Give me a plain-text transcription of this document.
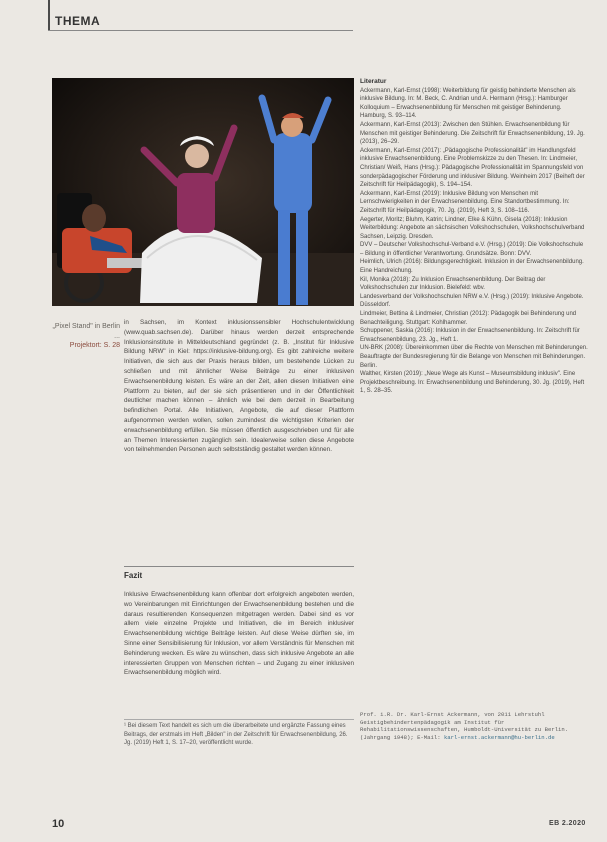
THEMA
„Pixel Stand" in Berlin ...
Projektort: S. 28
in Sachsen, im Kontext inklusionssensibler Hochschulentwicklung (www.quab.sachsen.de). Darüber hinaus werden derzeit entsprechende Inklusionsinstitute in Mitteldeutschland gegründet (z. B. „Institut für Inklusive Bildung NRW" in Kiel: https://inklusive-bildung.org). Es gibt zahlreiche weitere Initiativen, die sich aus der Praxis heraus bilden, um bestehende Lücken zu schließen und mit ähnlicher Weise Beiträge zu einer inklusiven Erwachsenenbildung leisten. Es wäre an der Zeit, allen diesen Initiativen eine Plattform zu bieten, auf der sie sich präsentieren und in der Öffentlichkeit deutlicher machen können – ähnlich wie bei dem derzeit in Bearbeitung befindlichen Portal. Alle Initiativen, Angebote, die auf dieser Plattform aufgenommen werden wollen, sollen zumindest die wichtigsten Kriterien der erwachsenenbildung erfüllen. Sie müssen öffentlich ausgeschrieben und für alle an Themen Interessierten zugänglich sein. Idealerweise sollen diese Angebote von teilnehmenden Personen auch selbstständig gestaltet werden können.
Fazit
Inklusive Erwachsenenbildung kann offenbar dort erfolgreich angeboten werden, wo Vereinbarungen mit Einrichtungen der Erwachsenenbildung bestehen und die daraus resultierenden Konsequenzen mitgetragen werden. Dabei sind es vor allem viele einzelne Projekte und Initiativen, die im Bereich inklusiver Erwachsenenbildung wichtige Beiträge leisten. Auf diese Weise dürften sie, im Sinne einer Sensibilisierung für Inklusion, vor allem Verständnis für Menschen mit Behinderung wecken. Es wäre zu wünschen, dass sich inklusive Angebote an alle interessierten Gruppen von Menschen richten – und Zugang zu einer inklusiven Erwachsenenbildung möglich wird.
¹ Bei diesem Text handelt es sich um die überarbeitete und ergänzte Fassung eines Beitrags, der erstmals im Heft „Bilden" in der Zeitschrift für Erwachsenenbildung, 26. Jg. (2019) Heft 1, S. 17–20, veröffentlicht wurde.
Literatur

Ackermann, Karl-Ernst (1998): Weiterbildung für geistig behinderte Menschen als inklusive Bildung. In: M. Beck, C. Andrian und A. Hermann (Hrsg.): Hamburger Kolloquium – Erwachsenenbildung für Menschen mit geistiger Behinderung. Hamburg, S. 93–114.

Ackermann, Karl-Ernst (2013): Zwischen den Stühlen. Erwachsenenbildung für Menschen mit geistiger Behinderung. Die Zeitschrift für Erwachsenenbildung, 19. Jg. (2013), 26–29.

Ackermann, Karl-Ernst (2017): „Pädagogische Professionalität" im Handlungsfeld inklusive Erwachsenenbildung. Eine Problemskizze zu den Thesen. In: Lindmeier, Christian/ Weiß, Hans (Hrsg.): Pädagogische Professionalität im Spannungsfeld von sonderpädagogischer Förderung und inklusiver Bildung. Weinheim 2017 (Beiheft der Zeitschrift für Heilpädagogik), S. 194–154.

Ackermann, Karl-Ernst (2019): Inklusive Bildung von Menschen mit Lernschwierigkeiten in der Erwachsenenbildung. Eine Standortbestimmung. In: Zeitschrift für Heilpädagogik, 70. Jg. (2019), Heft 3, S. 108–116.

Aegerter, Moritz; Bluhm, Katrin; Lindner, Elke & Kühn, Gisela (2018): Inklusion Weiterbildung: Angebote an sächsischen Volkshochschulen, Volkshochschulverband Sachsen, Leipzig. Dresden.

DVV – Deutscher Volkshochschul-Verband e.V. (Hrsg.) (2019): Die Volkshochschule – Bildung in öffentlicher Verantwortung. Grundsätze. Bonn: DVV.

Heimlich, Ulrich (2016): Bildungsgerechtigkeit. Inklusion in der Erwachsenenbildung. Eine Handreichung.

Kil, Monika (2018): Zu Inklusion Erwachsenenbildung. Der Beitrag der Volkshochschulen zur Inklusion. Bielefeld: wbv.

Landesverband der Volkshochschulen NRW e.V. (Hrsg.) (2019): Inklusive Angebote. Düsseldorf.

Lindmeier, Bettina & Lindmeier, Christian (2012): Pädagogik bei Behinderung und Benachteiligung. Stuttgart: Kohlhammer.

Schuppener, Saskia (2016): Inklusion in der Erwachsenenbildung. In: Zeitschrift für Erwachsenenbildung, 23. Jg., Heft 1.

UN-BRK (2008): Übereinkommen über die Rechte von Menschen mit Behinderungen. Beauftragte der Bundesregierung für die Belange von Menschen mit Behinderungen. Berlin.

Walther, Kirsten (2019): „Neue Wege als Kunst – Museumsbildung inklusiv". Eine Projektbeschreibung. In: Erwachsenenbildung und Behinderung, 30. Jg. (2019), Heft 1, S. 28–35.

Prof. i.R. Dr. Karl-Ernst Ackermann, von 2011 Lehrstuhl Geistigbehindertenpädagogik am Institut für Rehabilitationswissenschaften, Humboldt-Universität zu Berlin. (Jahrgang 1948); E-Mail: karl-ernst.ackermann@hu-berlin.de
10	EB 2.2020
